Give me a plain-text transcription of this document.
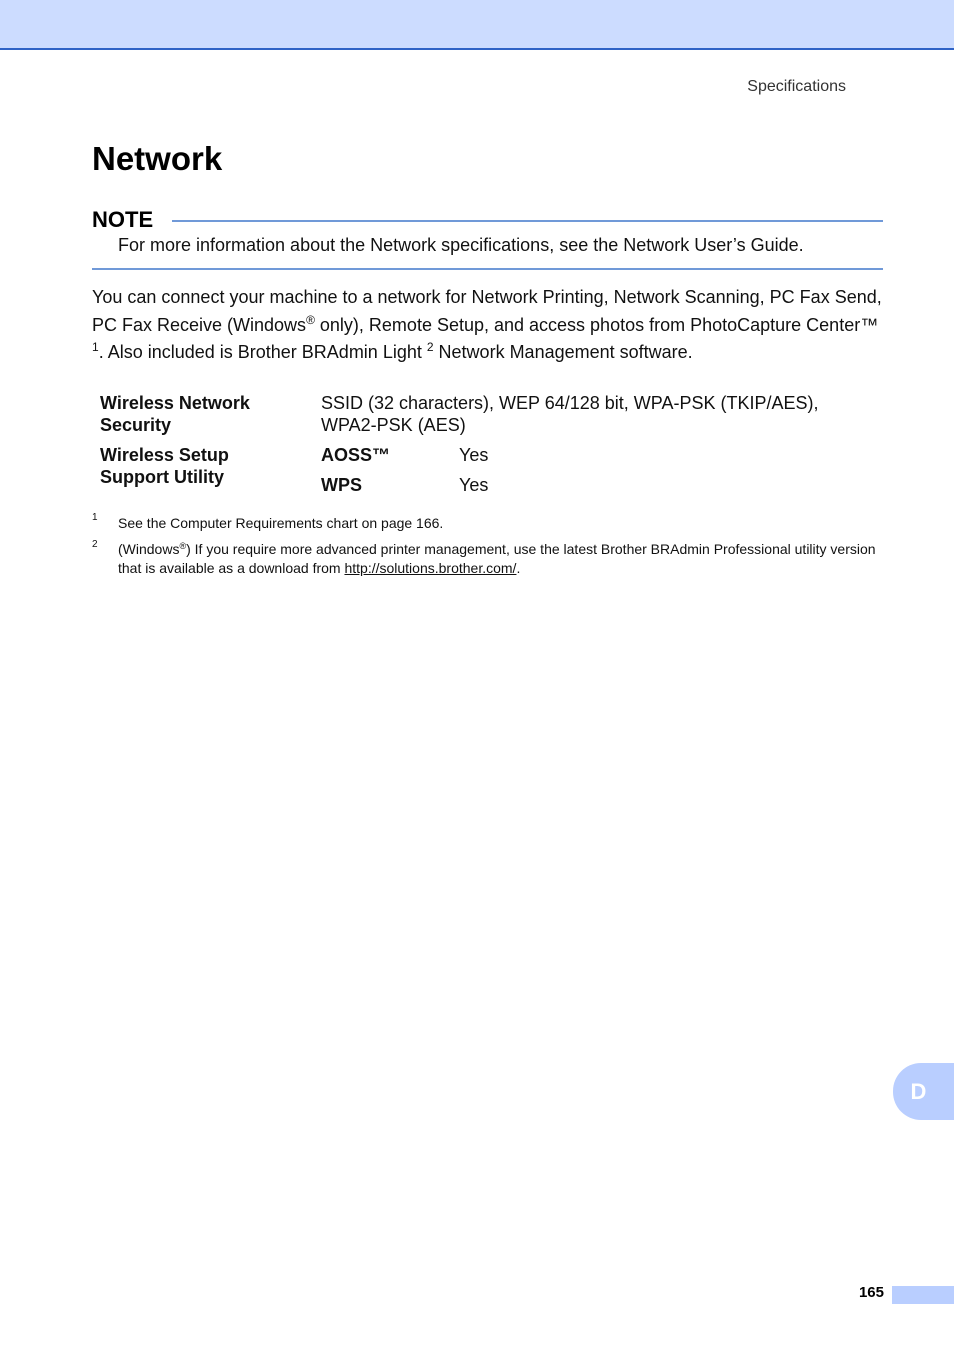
Specifications
Network
NOTE
For more information about the Network specifications, see the Network User’s Guide.

You can connect your machine to a network for Network Printing, Network Scanning, PC Fax Send, PC Fax Receive (Windows® only), Remote Setup, and access photos from PhotoCapture Center™ $^1$. Also included is Brother BRAdmin Light $^2$ Network Management software.

Wireless Network Security
SSID (32 characters), WEP 64/128 bit, WPA-PSK (TKIP/AES), WPA2-PSK (AES)
Wireless Setup Support Utility
AOSS™	Yes
WPS	Yes
1 See the Computer Requirements chart on page 166.
2 (Windows®) If you require more advanced printer management, use the latest Brother BRAdmin Professional utility version that is available as a download from http://solutions.brother.com/.
D
165
